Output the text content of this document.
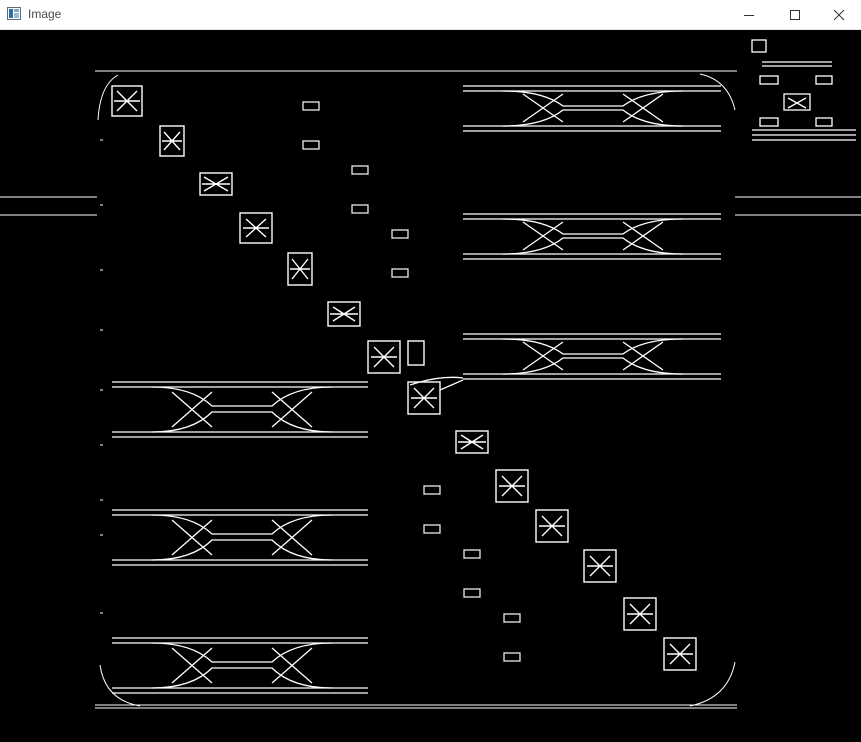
Image
